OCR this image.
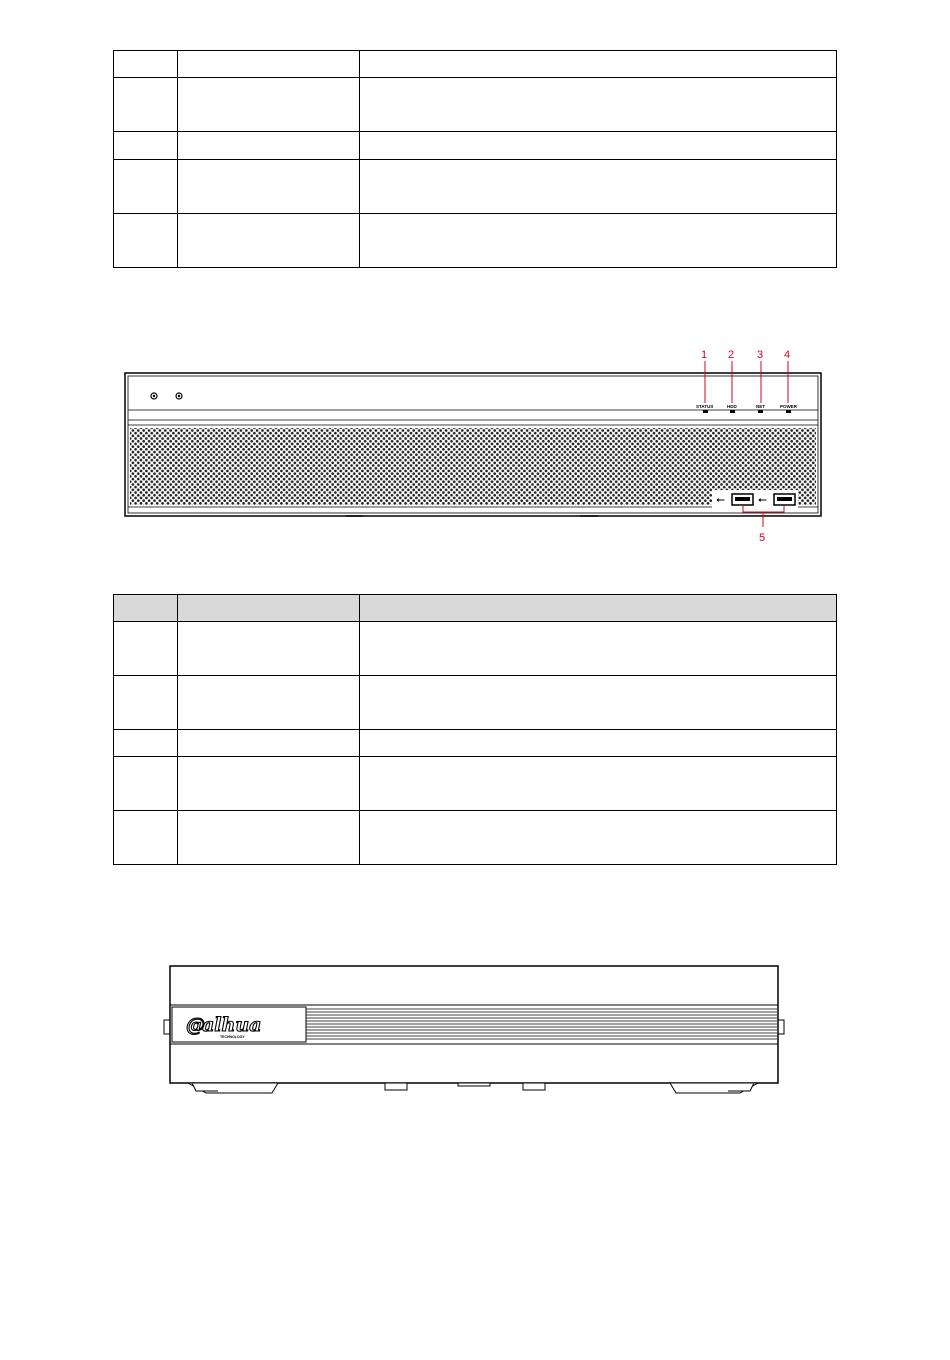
⭠	⭠
STATUS	HDD	NET	POWER
1 2 3 4
5

alhua
@
TECHNOLOGY
